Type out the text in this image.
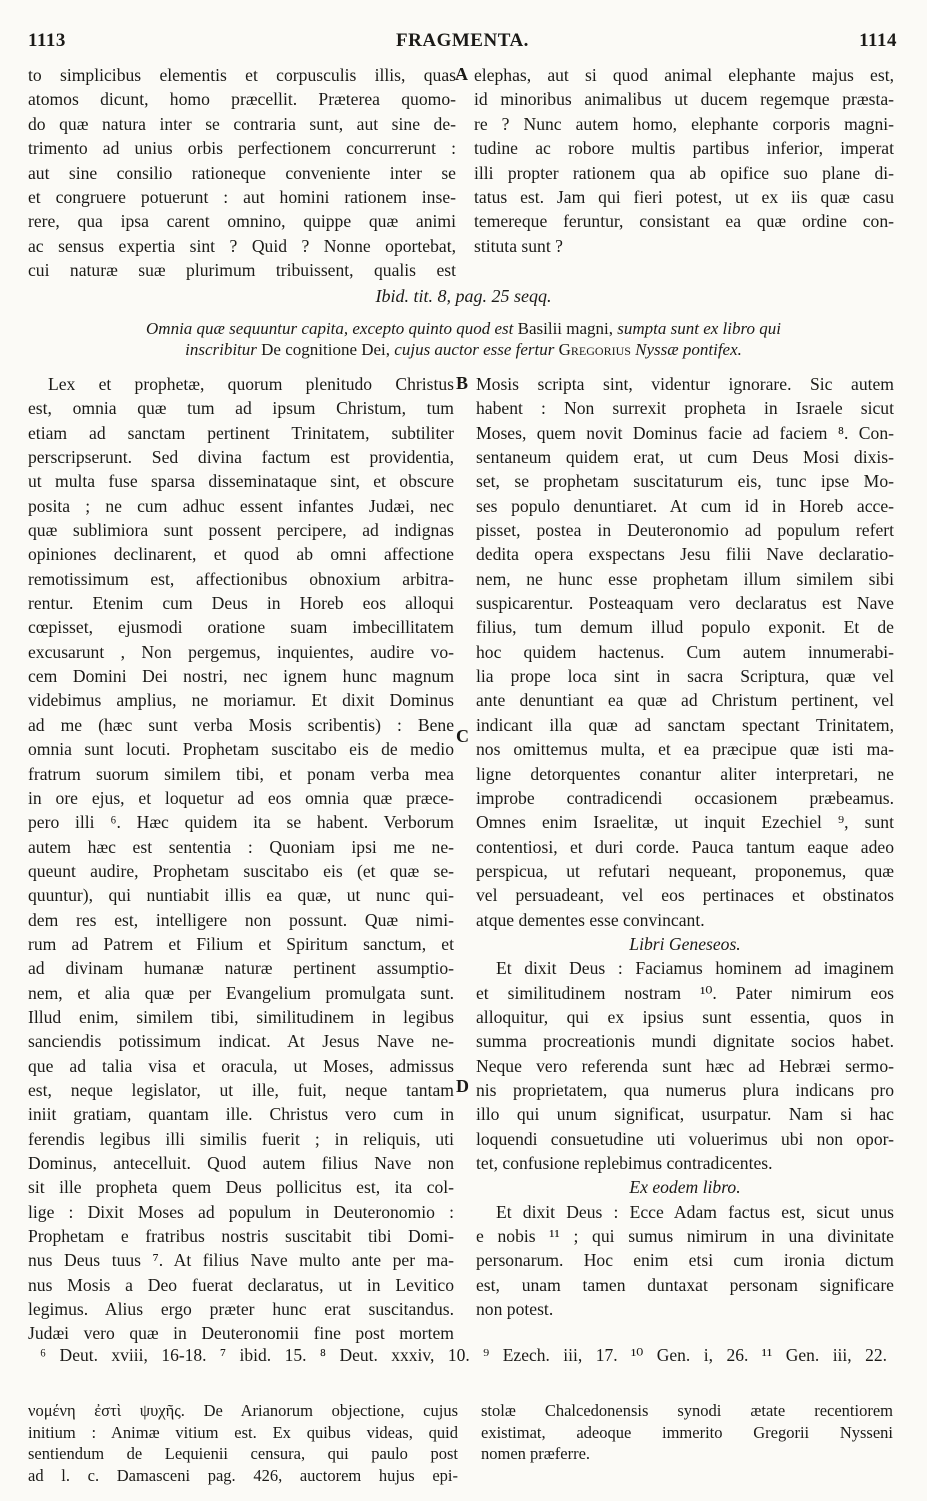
1113	FRAGMENTA.	1114
to simplicibus elementis et corpusculis illis, quas
atomos dicunt, homo præcellit. Præterea quomo-
do quæ natura inter se contraria sunt, aut sine de-
trimento ad unius orbis perfectionem concurrerunt :
aut sine consilio rationeque conveniente inter se
et congruere potuerunt : aut homini rationem inse-
rere, qua ipsa carent omnino, quippe quæ animi
ac sensus expertia sint ? Quid ? Nonne oportebat,
cui naturæ suæ plurimum tribuissent, qualis est
elephas, aut si quod animal elephante majus est,
id minoribus animalibus ut ducem regemque præsta-
re ? Nunc autem homo, elephante corporis magni-
tudine ac robore multis partibus inferior, imperat
illi propter rationem qua ab opifice suo plane di-
tatus est. Jam qui fieri potest, ut ex iis quæ casu
temereque feruntur, consistant ea quæ ordine con-
stituta sunt ?
A
Ibid. tit. 8, pag. 25 seqq.
Omnia quæ sequuntur capita, excepto quinto quod est Basilii magni, sumpta sunt ex libro qui
inscribitur De cognitione Dei, cujus auctor esse fertur Gregorius Nyssæ pontifex.
Lex et prophetæ, quorum plenitudo Christus
est, omnia quæ tum ad ipsum Christum, tum
etiam ad sanctam pertinent Trinitatem, subtiliter
perscripserunt. Sed divina factum est providentia,
ut multa fuse sparsa disseminataque sint, et obscure
posita ; ne cum adhuc essent infantes Judæi, nec
quæ sublimiora sunt possent percipere, ad indignas
opiniones declinarent, et quod ab omni affectione
remotissimum est, affectionibus obnoxium arbitra-
rentur. Etenim cum Deus in Horeb eos alloqui
cœpisset, ejusmodi oratione suam imbecillitatem
excusarunt , Non pergemus, inquientes, audire vo-
cem Domini Dei nostri, nec ignem hunc magnum
videbimus amplius, ne moriamur. Et dixit Dominus
ad me (hæc sunt verba Mosis scribentis) : Bene
omnia sunt locuti. Prophetam suscitabo eis de medio
fratrum suorum similem tibi, et ponam verba mea
in ore ejus, et loquetur ad eos omnia quæ præce-
pero illi ⁶. Hæc quidem ita se habent. Verborum
autem hæc est sententia : Quoniam ipsi me ne-
queunt audire, Prophetam suscitabo eis (et quæ se-
quuntur), qui nuntiabit illis ea quæ, ut nunc qui-
dem res est, intelligere non possunt. Quæ nimi-
rum ad Patrem et Filium et Spiritum sanctum, et
ad divinam humanæ naturæ pertinent assumptio-
nem, et alia quæ per Evangelium promulgata sunt.
Illud enim, similem tibi, similitudinem in legibus
sanciendis potissimum indicat. At Jesus Nave ne-
que ad talia visa et oracula, ut Moses, admissus
est, neque legislator, ut ille, fuit, neque tantam
iniit gratiam, quantam ille. Christus vero cum in
ferendis legibus illi similis fuerit ; in reliquis, uti
Dominus, antecelluit. Quod autem filius Nave non
sit ille propheta quem Deus pollicitus est, ita col-
lige : Dixit Moses ad populum in Deuteronomio :
Prophetam e fratribus nostris suscitabit tibi Domi-
nus Deus tuus ⁷. At filius Nave multo ante per ma-
nus Mosis a Deo fuerat declaratus, ut in Levitico
legimus. Alius ergo præter hunc erat suscitandus.
Judæi vero quæ in Deuteronomii fine post mortem
Mosis scripta sint, videntur ignorare. Sic autem
habent : Non surrexit propheta in Israele sicut
Moses, quem novit Dominus facie ad faciem ⁸. Con-
sentaneum quidem erat, ut cum Deus Mosi dixis-
set, se prophetam suscitaturum eis, tunc ipse Mo-
ses populo denuntiaret. At cum id in Horeb acce-
pisset, postea in Deuteronomio ad populum refert
dedita opera exspectans Jesu filii Nave declaratio-
nem, ne hunc esse prophetam illum similem sibi
suspicarentur. Posteaquam vero declaratus est Nave
filius, tum demum illud populo exponit. Et de
hoc quidem hactenus. Cum autem innumerabi-
lia prope loca sint in sacra Scriptura, quæ vel
ante denuntiant ea quæ ad Christum pertinent, vel
indicant illa quæ ad sanctam spectant Trinitatem,
nos omittemus multa, et ea præcipue quæ isti ma-
ligne detorquentes conantur aliter interpretari, ne
improbe contradicendi occasionem præbeamus.
Omnes enim Israelitæ, ut inquit Ezechiel ⁹, sunt
contentiosi, et duri corde. Pauca tantum eaque adeo
perspicua, ut refutari nequeant, proponemus, quæ
vel persuadeant, vel eos pertinaces et obstinatos
atque dementes esse convincant.
Libri Geneseos.
Et dixit Deus : Faciamus hominem ad imaginem
et similitudinem nostram ¹⁰. Pater nimirum eos
alloquitur, qui ex ipsius sunt essentia, quos in
summa procreationis mundi dignitate socios habet.
Neque vero referenda sunt hæc ad Hebræi sermo-
nis proprietatem, qua numerus plura indicans pro
illo qui unum significat, usurpatur. Nam si hac
loquendi consuetudine uti voluerimus ubi non opor-
tet, confusione replebimus contradicentes.
Ex eodem libro.
Et dixit Deus : Ecce Adam factus est, sicut unus
e nobis ¹¹ ; qui sumus nimirum in una divinitate
personarum. Hoc enim etsi cum ironia dictum
est, unam tamen duntaxat personam significare
non potest.
B
C
D
⁶ Deut. xviii, 16-18. ⁷ ibid. 15. ⁸ Deut. xxxiv, 10. ⁹ Ezech. iii, 17. ¹⁰ Gen. i, 26. ¹¹ Gen. iii, 22.
νομένη ἐστὶ ψυχῆς. De Arianorum objectione, cujus
initium : Animæ vitium est. Ex quibus videas, quid
sentiendum de Lequienii censura, qui paulo post
ad l. c. Damasceni pag. 426, auctorem hujus epi-
stolæ Chalcedonensis synodi ætate recentiorem
existimat, adeoque immerito Gregorii Nysseni
nomen præferre.
